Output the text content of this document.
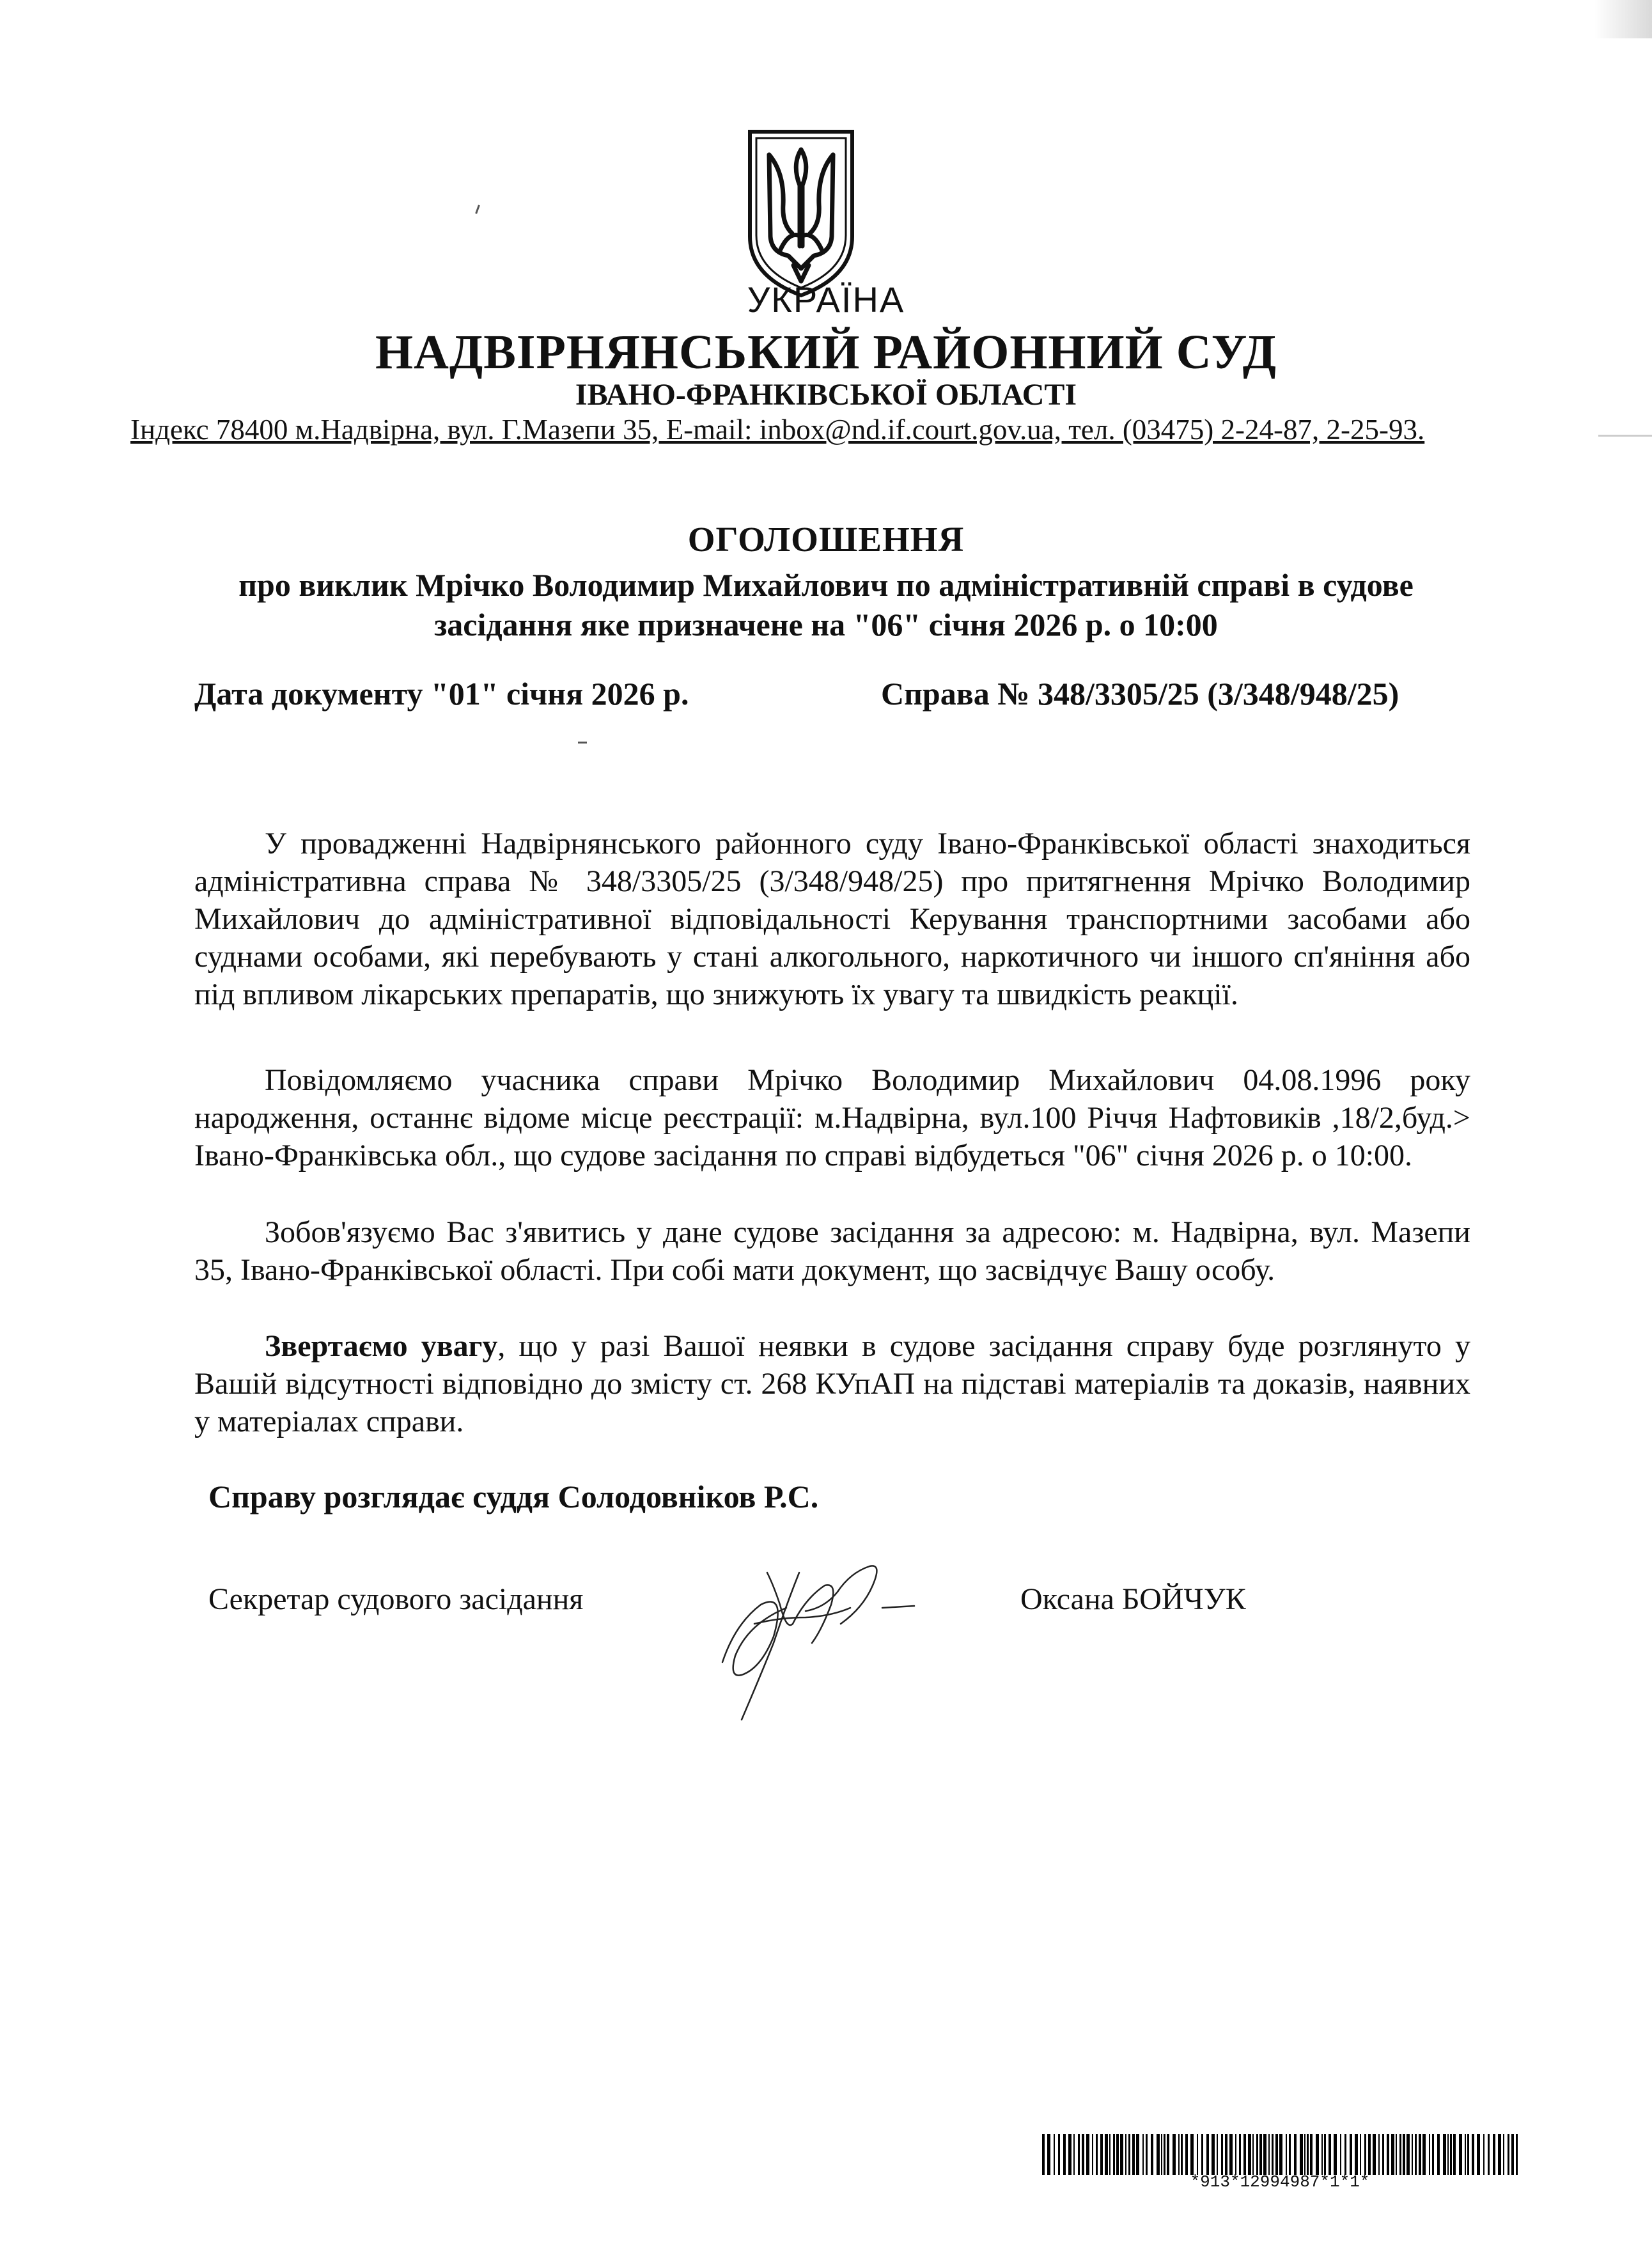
УКРАЇНА
НАДВІРНЯНСЬКИЙ РАЙОННИЙ СУД
ІВАНО-ФРАНКІВСЬКОЇ ОБЛАСТІ
Індекс 78400 м.Надвірна, вул. Г.Мазепи 35, E-mail: inbox@nd.if.court.gov.ua, тел. (03475) 2-24-87, 2-25-93.
ОГОЛОШЕННЯ
про виклик Мрічко Володимир Михайлович по адміністративній справі в судове
засідання яке призначене на "06" січня 2026 р. о 10:00
Дата документу "01" січня 2026 р.	Справа № 348/3305/25 (3/348/948/25)
У провадженні Надвірнянського районного суду Івано-Франківської області знаходиться адміністративна справа № 348/3305/25 (3/348/948/25) про притягнення Мрічко Володимир Михайлович до адміністративної відповідальності Керування транспортними засобами або суднами особами, які перебувають у стані алкогольного, наркотичного чи іншого сп'яніння або під впливом лікарських препаратів, що знижують їх увагу та швидкість реакції.
Повідомляємо учасника справи Мрічко Володимир Михайлович 04.08.1996 року народження, останнє відоме місце реєстрації: м.Надвірна, вул.100 Річчя Нафтовиків ,18/2,буд.> Івано-Франківська обл., що судове засідання по справі відбудеться "06" січня 2026 р. о 10:00.
Зобов'язуємо Вас з'явитись у дане судове засідання за адресою: м. Надвірна, вул. Мазепи 35, Івано-Франківської області. При собі мати документ, що засвідчує Вашу особу.
Звертаємо увагу, що у разі Вашої неявки в судове засідання справу буде розглянуто у Вашій відсутності відповідно до змісту ст. 268 КУпАП на підставі матеріалів та доказів, наявних у матеріалах справи.
Справу розглядає суддя Солодовніков Р.С.
Секретар судового засідання	Оксана БОЙЧУК
*913*12994987*1*1*
